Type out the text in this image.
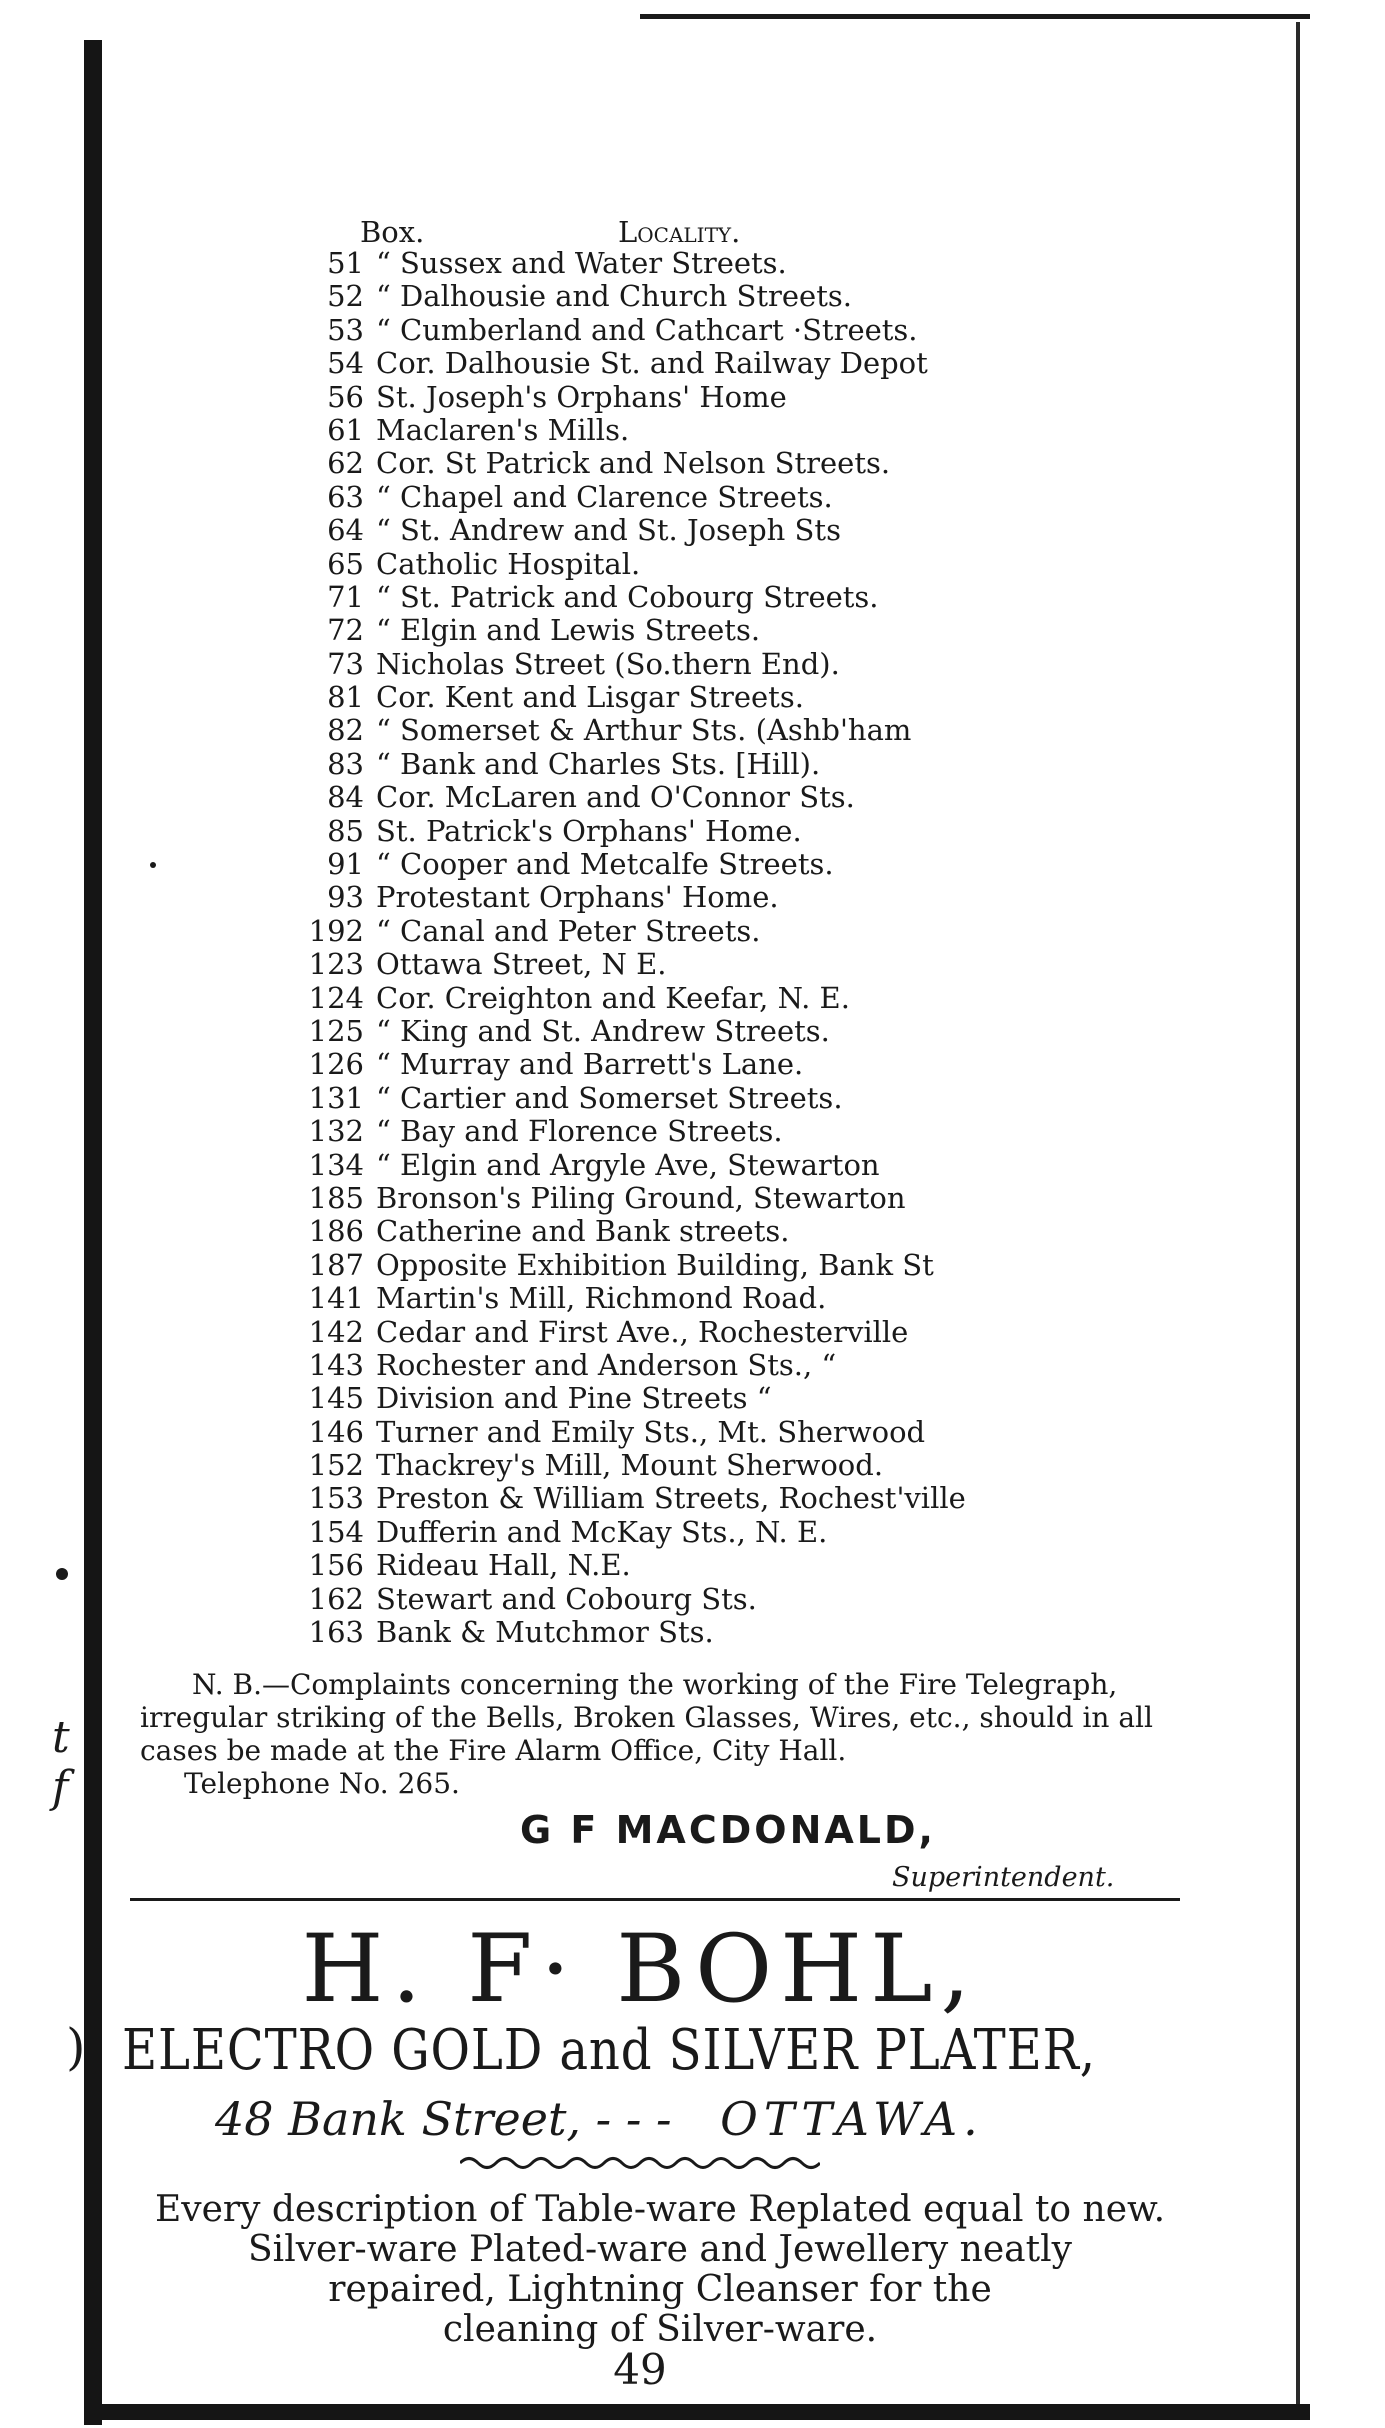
t
f
)
Box.	Locality.
51 “ Sussex and Water Streets.
52 “ Dalhousie and Church Streets.
53 “ Cumberland and Cathcart ·Streets.
54 Cor. Dalhousie St. and Railway Depot
56 St. Joseph's Orphans' Home
61 Maclaren's Mills.
62 Cor. St Patrick and Nelson Streets.
63 “ Chapel and Clarence Streets.
64 “ St. Andrew and St. Joseph Sts
65 Catholic Hospital.
71 “ St. Patrick and Cobourg Streets.
72 “ Elgin and Lewis Streets.
73 Nicholas Street (So.thern End).
81 Cor. Kent and Lisgar Streets.
82 “ Somerset & Arthur Sts. (Ashb'ham
83 “ Bank and Charles Sts. [Hill).
84 Cor. McLaren and O'Connor Sts.
85 St. Patrick's Orphans' Home.
91 “ Cooper and Metcalfe Streets.
93 Protestant Orphans' Home.
192 “ Canal and Peter Streets.
123 Ottawa Street, N E.
124 Cor. Creighton and Keefar, N. E.
125 “ King and St. Andrew Streets.
126 “ Murray and Barrett's Lane.
131 “ Cartier and Somerset Streets.
132 “ Bay and Florence Streets.
134 “ Elgin and Argyle Ave, Stewarton
185 Bronson's Piling Ground, Stewarton
186 Catherine and Bank streets.
187 Opposite Exhibition Building, Bank St
141 Martin's Mill, Richmond Road.
142 Cedar and First Ave., Rochesterville
143 Rochester and Anderson Sts., “
145 Division and Pine Streets “
146 Turner and Emily Sts., Mt. Sherwood
152 Thackrey's Mill, Mount Sherwood.
153 Preston & William Streets, Rochest'ville
154 Dufferin and McKay Sts., N. E.
156 Rideau Hall, N.E.
162 Stewart and Cobourg Sts.
163 Bank & Mutchmor Sts.

N. B.—Complaints concerning the working of the Fire Telegraph, irregular striking of the Bells, Broken Glasses, Wires, etc., should in all cases be made at the Fire Alarm Office, City Hall.

Telephone No. 265.

G F MACDONALD,
Superintendent.
H. F· BOHL,
ELECTRO GOLD and SILVER PLATER,
48 Bank Street, - - - OTTAWA.
Every description of Table-ware Replated equal to new.
Silver-ware Plated-ware and Jewellery neatly
repaired, Lightning Cleanser for the
cleaning of Silver-ware.
49
